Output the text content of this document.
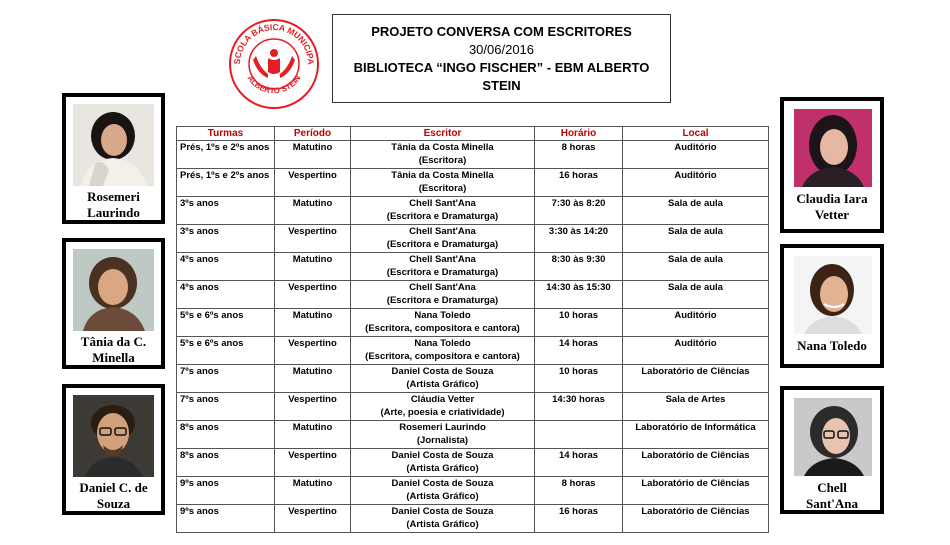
SCOLA BÁSICA MUNICIPA
ALBERTO STEIN
PROJETO CONVERSA COM ESCRITORES
30/06/2016
BIBLIOTECA “INGO FISCHER” - EBM ALBERTO
STEIN
Rosemeri
Laurindo
Tânia da C.
Minella
Daniel C. de
Souza
Claudia Iara
Vetter
Nana Toledo
Chell
Sant'Ana
Turmas	Período	Escritor	Horário	Local

Prés, 1ºs e 2ºs anos	Matutino	Tânia da Costa Minella
(Escritora)	8 horas	Auditório

Prés, 1ºs e 2ºs anos	Vespertino	Tânia da Costa Minella
(Escritora)	16 horas	Auditório

3ºs anos	Matutino	Chell Sant'Ana
(Escritora e Dramaturga)	7:30 às 8:20	Sala de aula

3ºs anos	Vespertino	Chell Sant'Ana
(Escritora e Dramaturga)	3:30 às 14:20	Sala de aula

4ºs anos	Matutino	Chell Sant'Ana
(Escritora e Dramaturga)	8:30 às 9:30	Sala de aula

4ºs anos	Vespertino	Chell Sant'Ana
(Escritora e Dramaturga)	14:30 às 15:30	Sala de aula

5ºs e 6ºs anos	Matutino	Nana Toledo
(Escritora, compositora e cantora)	10 horas	Auditório

5ºs e 6ºs anos	Vespertino	Nana Toledo
(Escritora, compositora e cantora)	14 horas	Auditório

7ºs anos	Matutino	Daniel Costa de Souza
(Artista Gráfico)	10 horas	Laboratório de Ciências

7ºs anos	Vespertino	Cláudia Vetter
(Arte, poesia e criatividade)	14:30 horas	Sala de Artes

8ºs anos	Matutino	Rosemeri Laurindo
(Jornalista)		Laboratório de Informática

8ºs anos	Vespertino	Daniel Costa de Souza
(Artista Gráfico)	14 horas	Laboratório de Ciências

9ºs anos	Matutino	Daniel Costa de Souza
(Artista Gráfico)	8 horas	Laboratório de Ciências

9ºs anos	Vespertino	Daniel Costa de Souza
(Artista Gráfico)	16 horas	Laboratório de Ciências
